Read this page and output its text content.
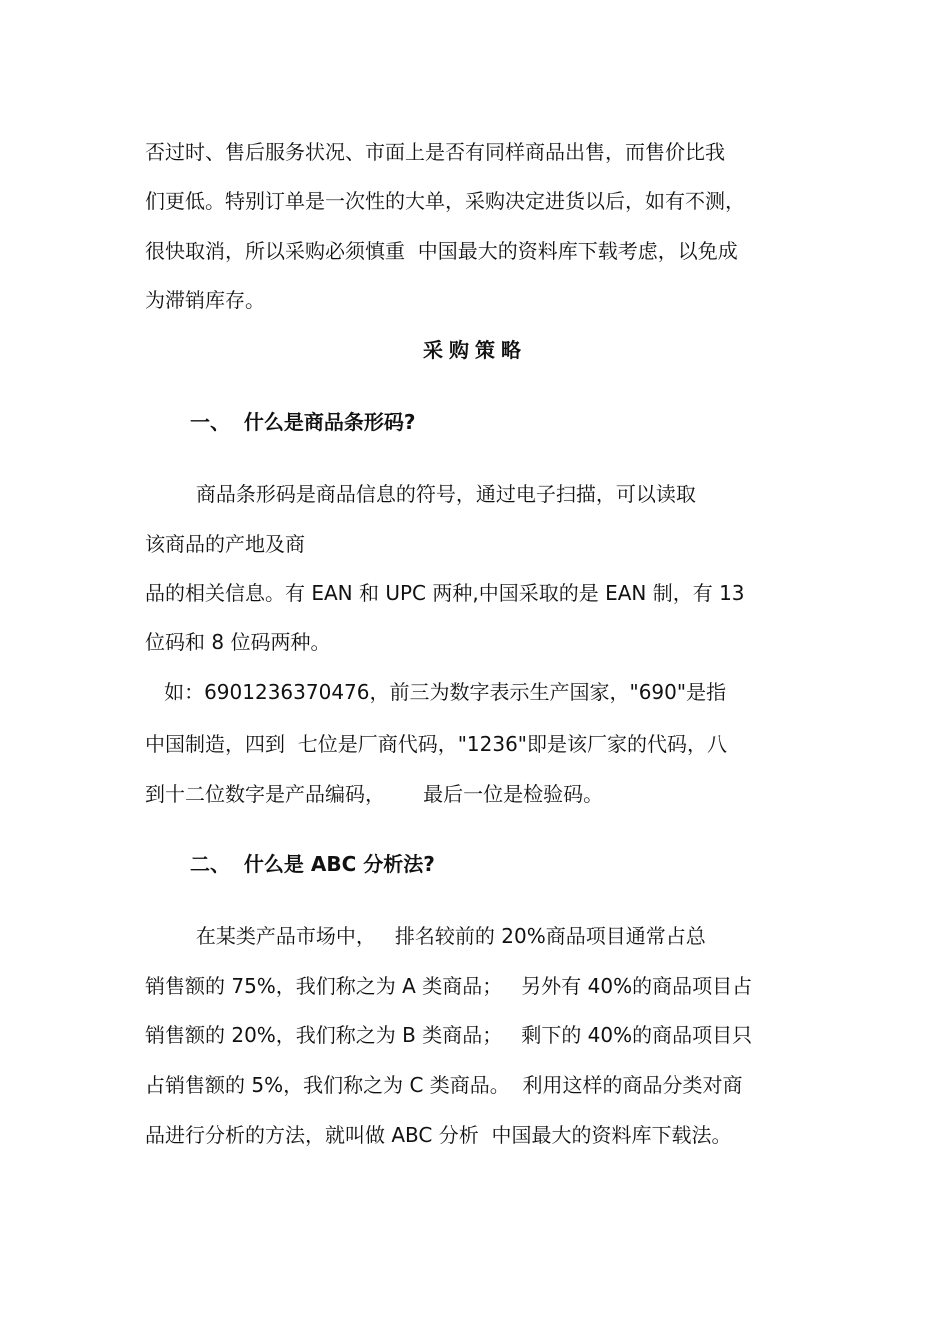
否过时、售后服务状况、市面上是否有同样商品出售，而售价比我

们更低。特别订单是一次性的大单，采购决定进货以后，如有不测，

很快取消，所以采购必须慎重  中国最大的资料库下载考虑，以免成

为滞销库存。

采购策略

一、  什么是商品条形码?

商品条形码是商品信息的符号，通过电子扫描，可以读取

该商品的产地及商

品的相关信息。有 EAN 和 UPC 两种,中国采取的是 EAN 制，有 13

位码和 8 位码两种。

如：6901236370476，前三为数字表示生产国家，"690"是指

中国制造，四到  七位是厂商代码，"1236"即是该厂家的代码，八

到十二位数字是产品编码，      最后一位是检验码。

二、  什么是 ABC 分析法?

在某类产品市场中，   排名较前的 20%商品项目通常占总

销售额的 75%，我们称之为 A 类商品；   另外有 40%的商品项目占

销售额的 20%，我们称之为 B 类商品；   剩下的 40%的商品项目只

占销售额的 5%，我们称之为 C 类商品。  利用这样的商品分类对商

品进行分析的方法，就叫做 ABC 分析  中国最大的资料库下载法。
